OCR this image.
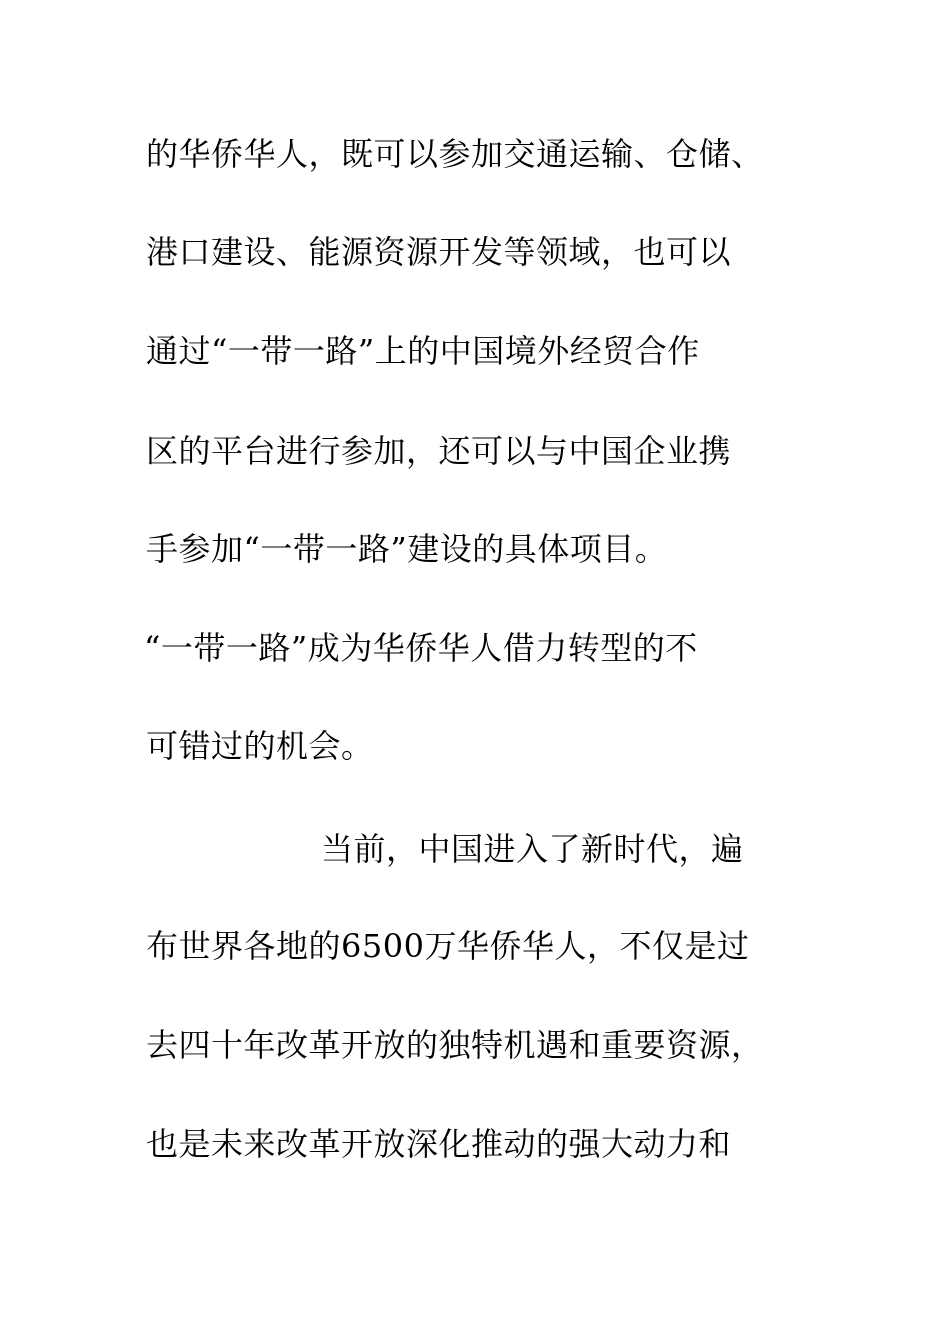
的华侨华人，既可以参加交通运输、仓储、
港口建设、能源资源开发等领域，也可以
通过“一带一路”上的中国境外经贸合作
区的平台进行参加，还可以与中国企业携
手参加“一带一路”建设的具体项目。
“一带一路”成为华侨华人借力转型的不
可错过的机会。
当前，中国进入了新时代，遍
布世界各地的6500万华侨华人，不仅是过
去四十年改革开放的独特机遇和重要资源，
也是未来改革开放深化推动的强大动力和
